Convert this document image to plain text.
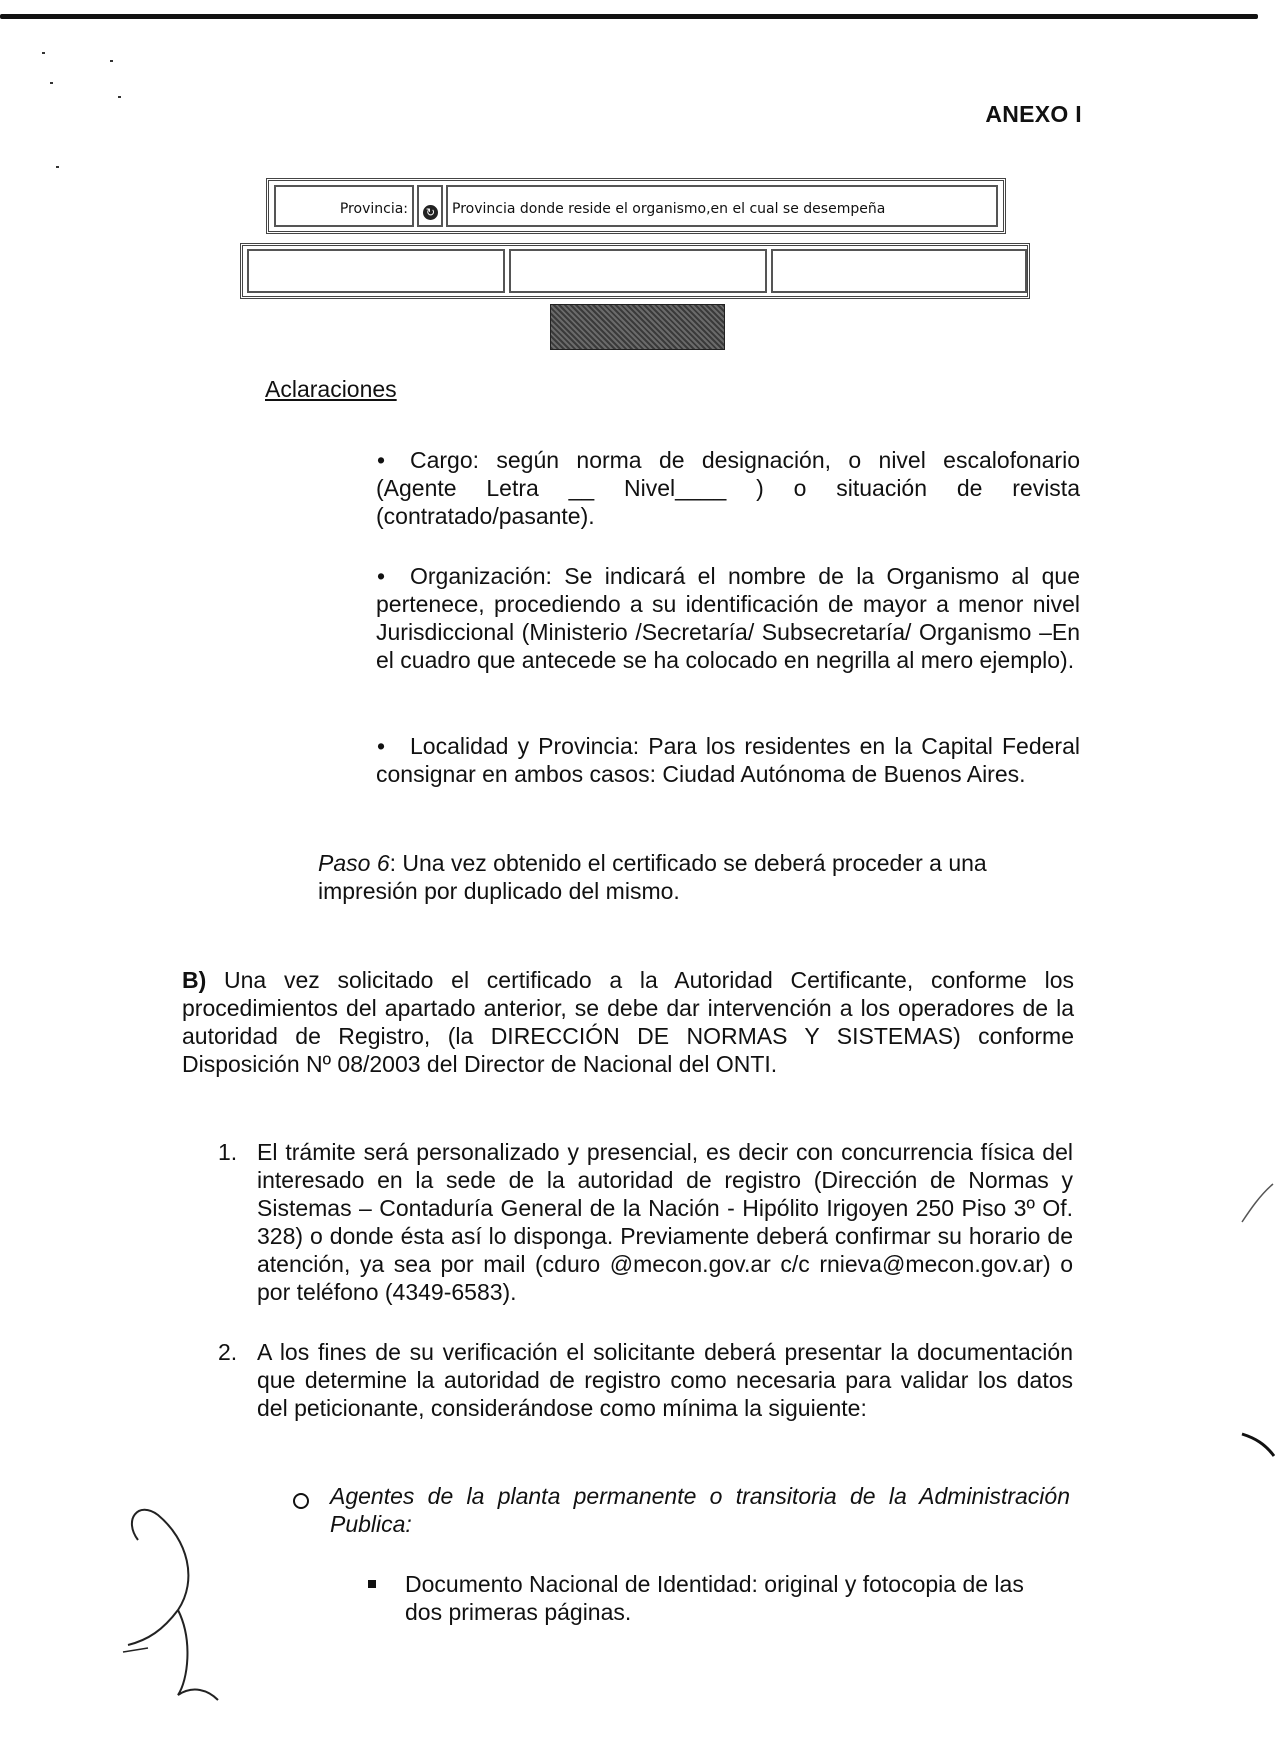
ANEXO I
Provincia:	↻	Provincia donde reside el organismo,en el cual se desempeña
Aclaraciones
•	Cargo: según norma de designación, o nivel escalofonario (Agente Letra __ Nivel____ ) o situación de revista (contratado/pasante).

•	Organización: Se indicará el nombre de la Organismo al que pertenece, procediendo a su identificación de mayor a menor nivel Jurisdiccional (Ministerio /Secretaría/ Subsecretaría/ Organismo –En el cuadro que antecede se ha colocado en negrilla al mero ejemplo).

•	Localidad y Provincia: Para los residentes en la Capital Federal consignar en ambos casos: Ciudad Autónoma de Buenos Aires.

Paso 6: Una vez obtenido el certificado se deberá proceder a una impresión por duplicado del mismo.

B) Una vez solicitado el certificado a la Autoridad Certificante, conforme los procedimientos del apartado anterior, se debe dar intervención a los operadores de la autoridad de Registro, (la DIRECCIÓN DE NORMAS Y SISTEMAS) conforme Disposición Nº 08/2003 del Director de Nacional del ONTI.

1. El trámite será personalizado y presencial, es decir con concurrencia física del interesado en la sede de la autoridad de registro (Dirección de Normas y Sistemas – Contaduría General de la Nación - Hipólito Irigoyen 250 Piso 3º Of. 328) o donde ésta así lo disponga. Previamente deberá confirmar su horario de atención, ya sea por mail (cduro @mecon.gov.ar c/c rnieva@mecon.gov.ar) o por teléfono (4349-6583).

2. A los fines de su verificación el solicitante deberá presentar la documentación que determine la autoridad de registro como necesaria para validar los datos del peticionante, considerándose como mínima la siguiente:

Agentes de la planta permanente o transitoria de la Administración Publica:

Documento Nacional de Identidad: original y fotocopia de las dos primeras páginas.
